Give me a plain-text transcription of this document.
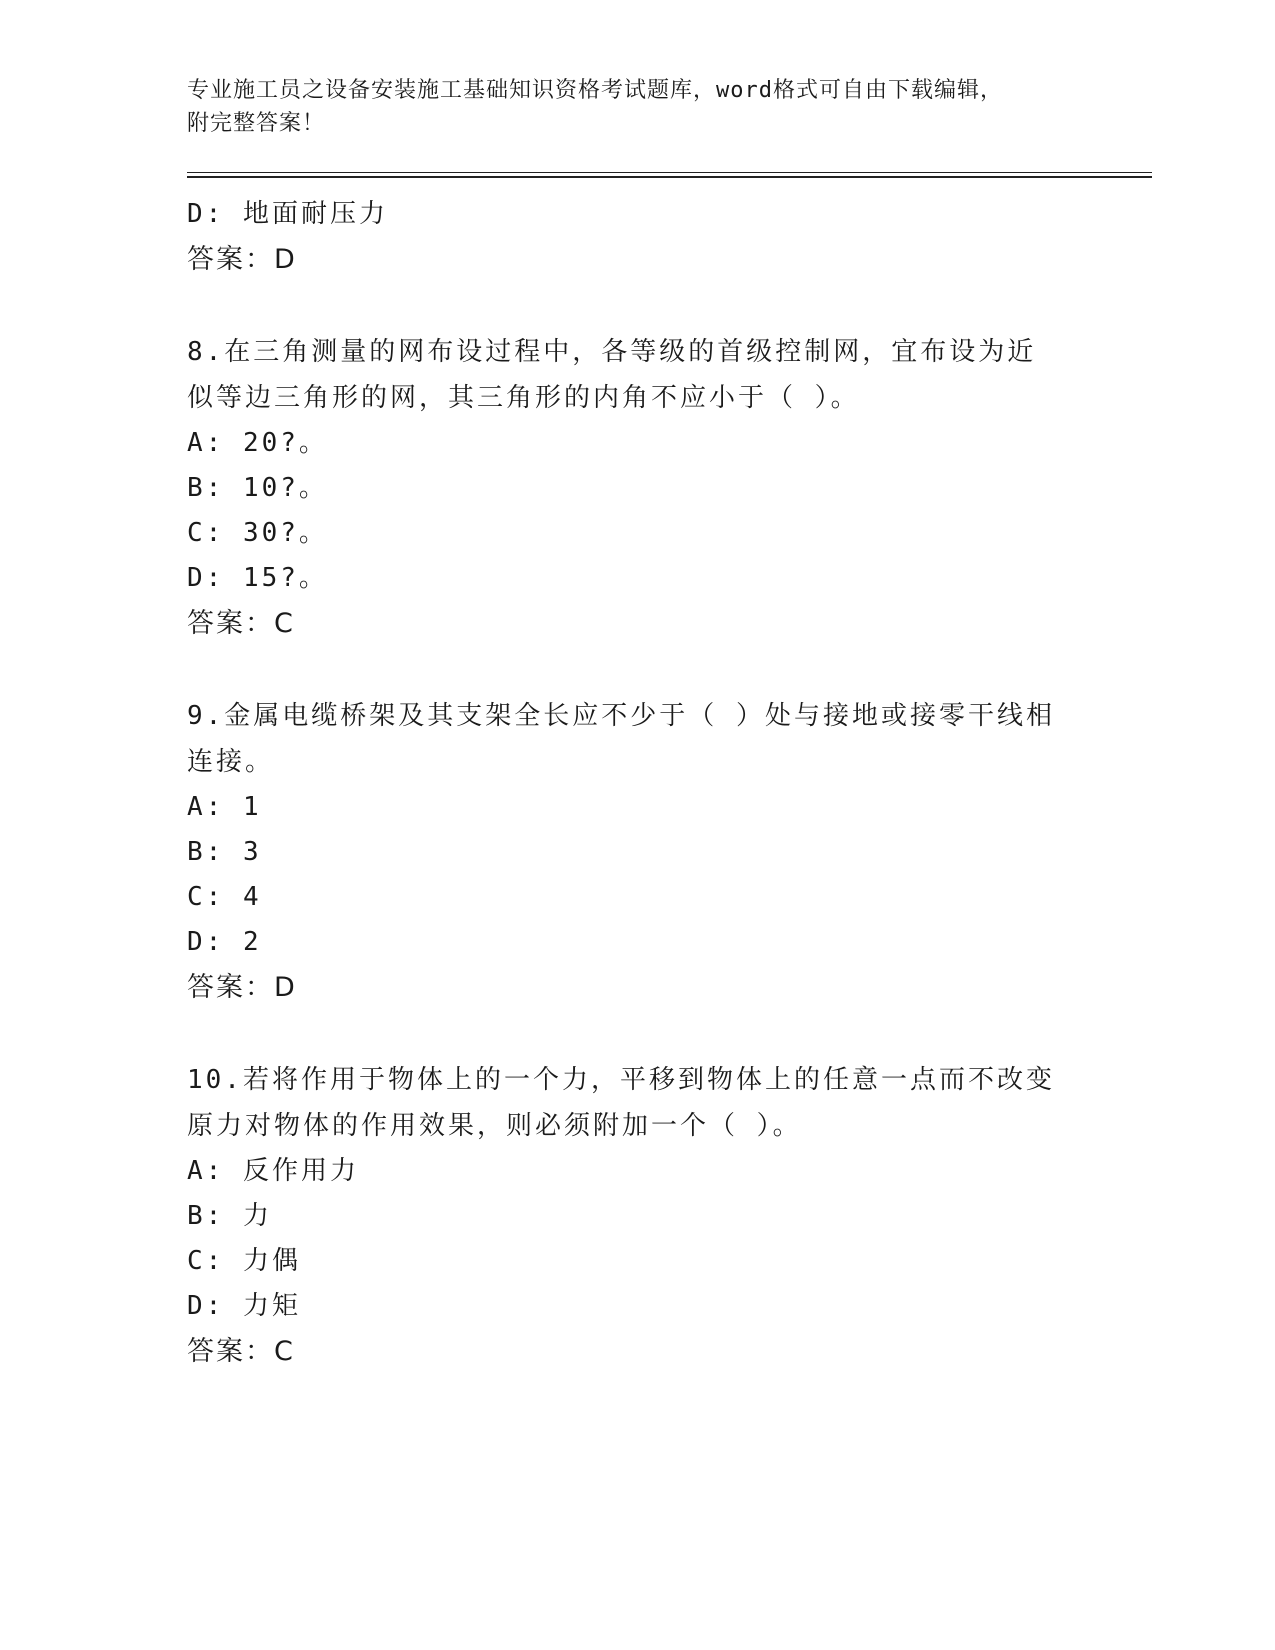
专业施工员之设备安装施工基础知识资格考试题库，word格式可自由下载编辑，
附完整答案！
D: 地面耐压力
答案：D
8.在三角测量的网布设过程中，各等级的首级控制网，宜布设为近似等边三角形的网，其三角形的内角不应小于（ ）。
A: 20?。
B: 10?。
C: 30?。
D: 15?。
答案：C
9.金属电缆桥架及其支架全长应不少于（ ）处与接地或接零干线相连接。
A: 1
B: 3
C: 4
D: 2
答案：D
10.若将作用于物体上的一个力，平移到物体上的任意一点而不改变原力对物体的作用效果，则必须附加一个（ ）。
A: 反作用力
B: 力
C: 力偶
D: 力矩
答案：C
